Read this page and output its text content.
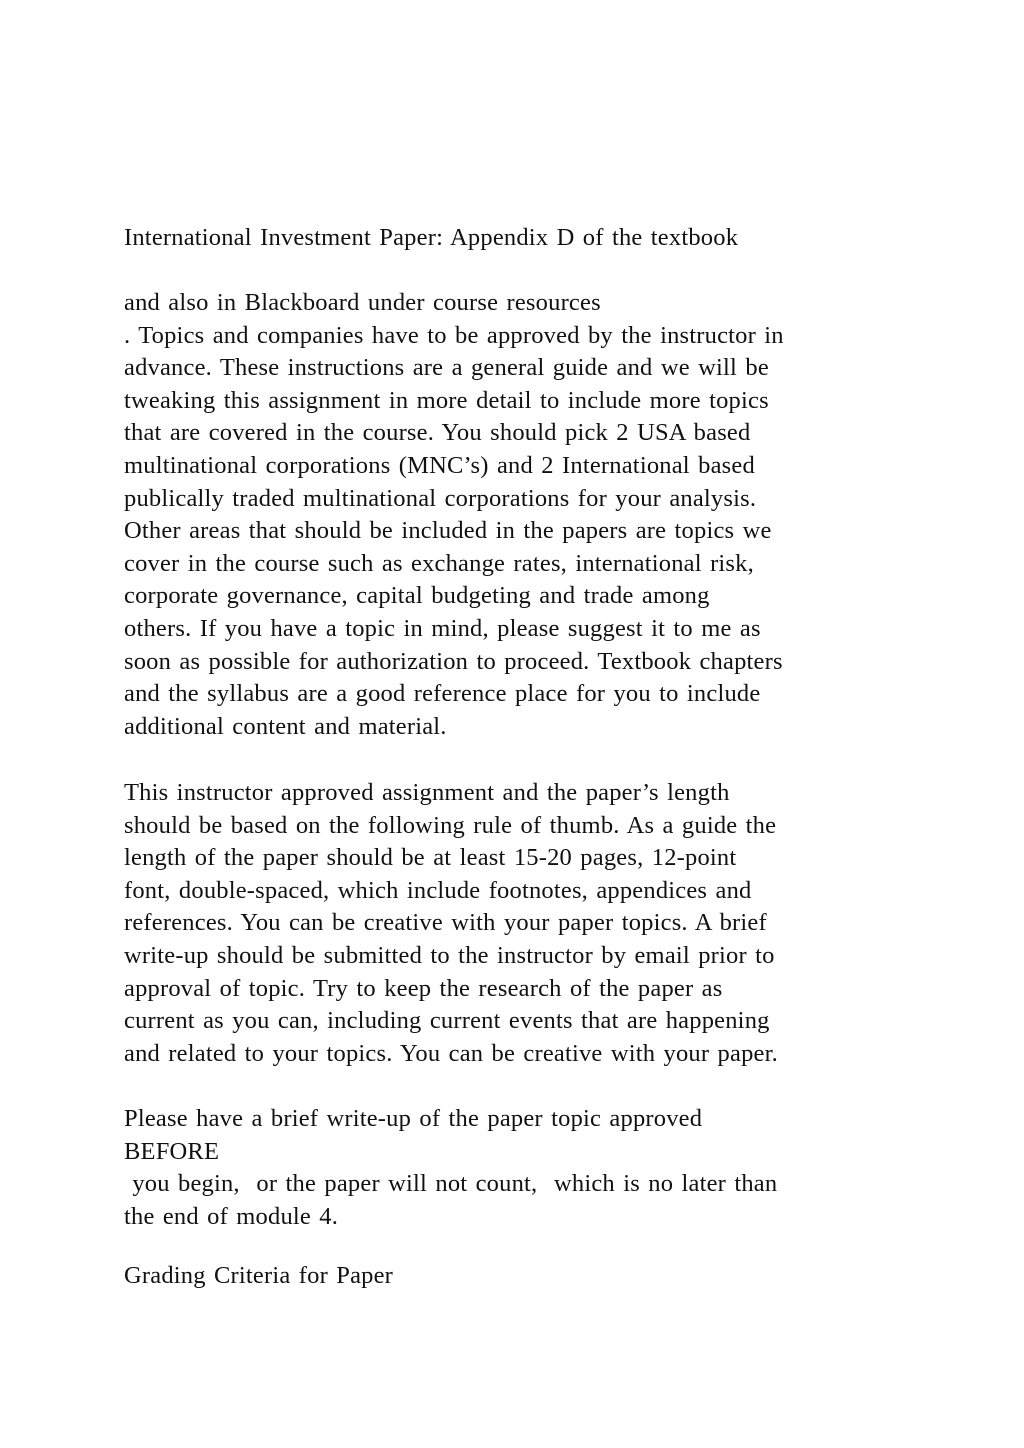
International Investment Paper: Appendix D of the textbook
and also in Blackboard under course resources
. Topics and companies have to be approved by the instructor in
advance. These instructions are a general guide and we will be
tweaking this assignment in more detail to include more topics
that are covered in the course. You should pick 2 USA based
multinational corporations (MNC’s) and 2 International based
publically traded multinational corporations for your analysis.
Other areas that should be included in the papers are topics we
cover in the course such as exchange rates, international risk,
corporate governance, capital budgeting and trade among
others. If you have a topic in mind, please suggest it to me as
soon as possible for authorization to proceed. Textbook chapters
and the syllabus are a good reference place for you to include
additional content and material.
This instructor approved assignment and the paper’s length
should be based on the following rule of thumb. As a guide the
length of the paper should be at least 15-20 pages, 12-point
font, double-spaced, which include footnotes, appendices and
references. You can be creative with your paper topics. A brief
write-up should be submitted to the instructor by email prior to
approval of topic. Try to keep the research of the paper as
current as you can, including current events that are happening
and related to your topics. You can be creative with your paper.
Please have a brief write-up of the paper topic approved
BEFORE
you begin,  or the paper will not count,  which is no later than
the end of module 4.
Grading Criteria for Paper
